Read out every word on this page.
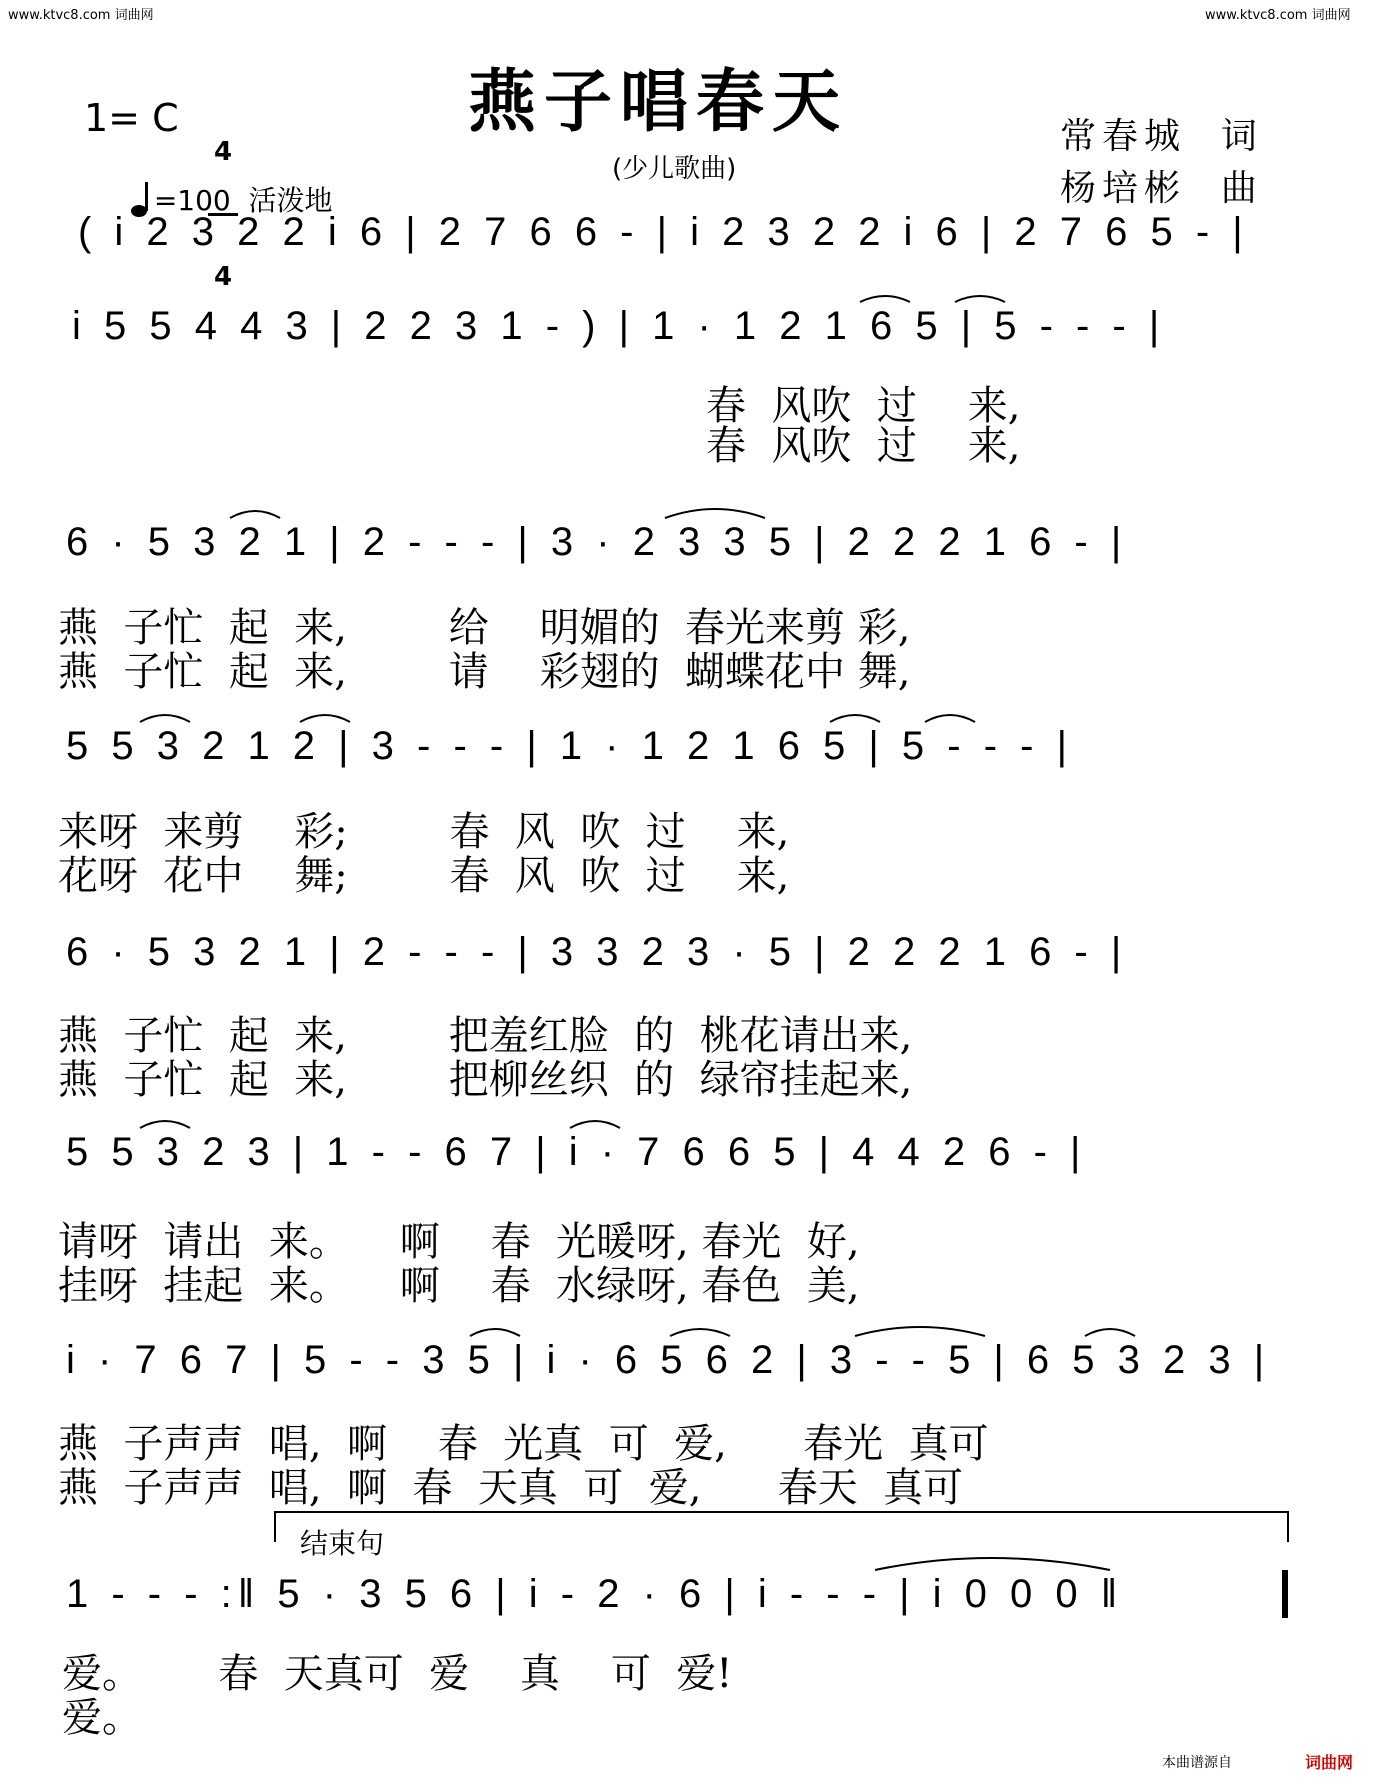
www.ktvc8.com 词曲网	www.ktvc8.com 词曲网
燕子唱春天
(少儿歌曲)
1= C

4

4

=100  活泼地

常春城  词
杨培彬  曲
( i 2 3 2 2 i 6 | 2 7 6 6 - | i 2 3 2 2 i 6 | 2 7 6 5 - |
i 5 5 4 4 3 | 2 2 3 1 - ) | 1 · 1 2 1 6 5 | 5 - - - |
春  风吹  过    来,
春  风吹  过    来,
6 · 5 3 2 1 | 2 - - - | 3 · 2 3 3 5 | 2 2 2 1 6 - |
燕  子忙  起  来,        给    明媚的  春光来剪 彩,
燕  子忙  起  来,        请    彩翅的  蝴蝶花中 舞,
5 5 3 2 1 2 | 3 - - - | 1 · 1 2 1 6 5 | 5 - - - |
来呀  来剪    彩;        春  风  吹  过    来,
花呀  花中    舞;        春  风  吹  过    来,
6 · 5 3 2 1 | 2 - - - | 3 3 2 3 · 5 | 2 2 2 1 6 - |
燕  子忙  起  来,        把羞红脸  的  桃花请出来,
燕  子忙  起  来,        把柳丝织  的  绿帘挂起来,
5 5 3 2 3 | 1 - - 6 7 | i · 7 6 6 5 | 4 4 2 6 - |
请呀  请出  来。    啊    春  光暖呀, 春光  好,
挂呀  挂起  来。    啊    春  水绿呀, 春色  美,
i · 7 6 7 | 5 - - 3 5 | i · 6 5 6 2 | 3 - - 5 | 6 5 3 2 3 |
燕  子声声  唱,  啊    春  光真  可  爱,      春光  真可
燕  子声声  唱,  啊  春  天真  可  爱,      春天  真可
结束句
1 - - - :‖ 5 · 3 5 6 | i - 2 · 6 | i - - - | i 0 0 0 ‖
爱。      春  天真可  爱    真    可  爱!
爱。
本曲谱源自	词曲网
